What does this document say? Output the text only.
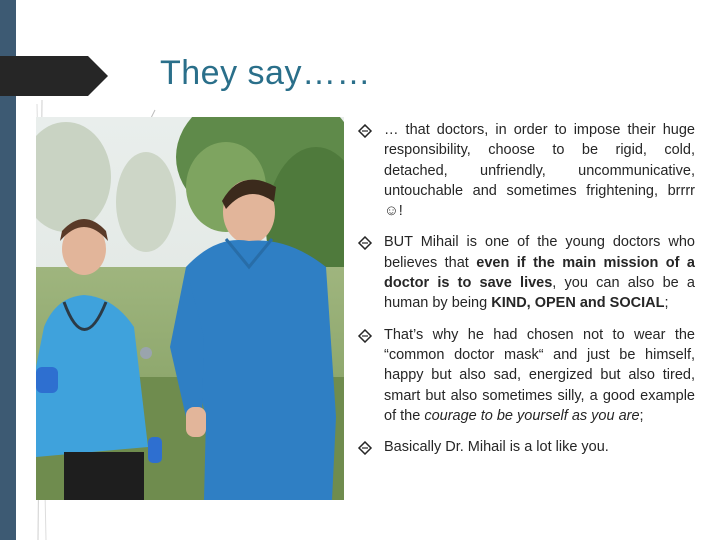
They say……

… that doctors, in order to impose their huge responsibility, choose to be rigid, cold, detached, unfriendly, uncommunicative, untouchable and sometimes frightening, brrrr ☺!

BUT Mihail is one of the young doctors who believes that even if the main mission of a doctor is to save lives, you can also be a human by being KIND, OPEN and SOCIAL;

That’s why he had chosen not to wear the “common doctor mask“ and just be himself, happy but also sad, energized but also tired, smart but also sometimes silly, a good example of the courage to be yourself as you are;

Basically Dr. Mihail is a lot like you.
